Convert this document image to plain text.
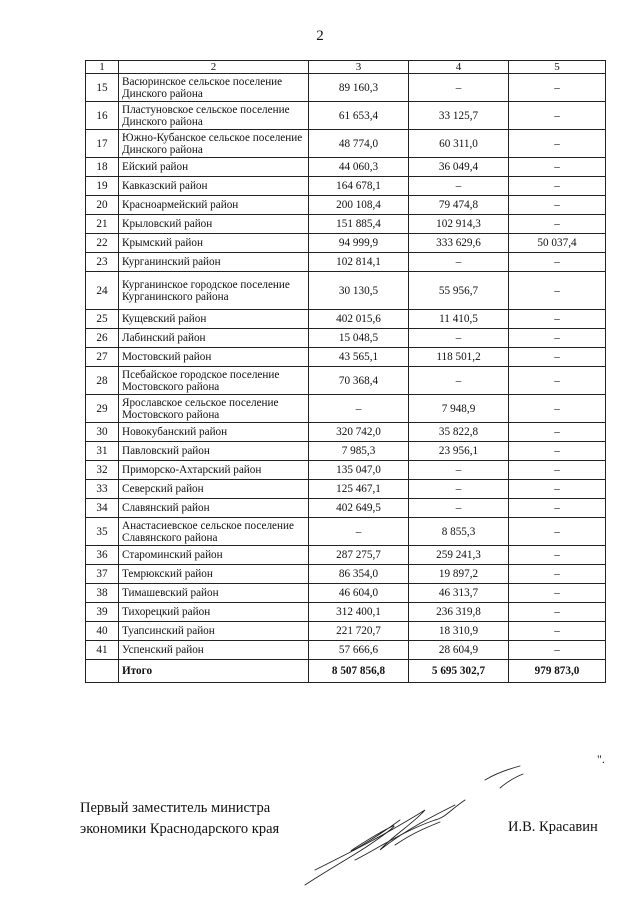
2
1	2	3	4	5
15	Васюринское сельское поселение Динского района	89 160,3	–	–
16	Пластуновское сельское поселение Динского района	61 653,4	33 125,7	–
17	Южно-Кубанское сельское поселение Динского района	48 774,0	60 311,0	–
18	Ейский район	44 060,3	36 049,4	–
19	Кавказский район	164 678,1	–	–
20	Красноармейский район	200 108,4	79 474,8	–
21	Крыловский район	151 885,4	102 914,3	–
22	Крымский район	94 999,9	333 629,6	50 037,4
23	Курганинский район	102 814,1	–	–
24	Курганинское городское поселение Курганинского района	30 130,5	55 956,7	–
25	Кущевский район	402 015,6	11 410,5	–
26	Лабинский район	15 048,5	–	–
27	Мостовский район	43 565,1	118 501,2	–
28	Псебайское городское поселение Мостовского района	70 368,4	–	–
29	Ярославское сельское поселение Мостовского района	–	7 948,9	–
30	Новокубанский район	320 742,0	35 822,8	–
31	Павловский район	7 985,3	23 956,1	–
32	Приморско-Ахтарский район	135 047,0	–	–
33	Северский район	125 467,1	–	–
34	Славянский район	402 649,5	–	–
35	Анастасиевское сельское поселение Славянского района	–	8 855,3	–
36	Староминский район	287 275,7	259 241,3	–
37	Темрюкский район	86 354,0	19 897,2	–
38	Тимашевский район	46 604,0	46 313,7	–
39	Тихорецкий район	312 400,1	236 319,8	–
40	Туапсинский район	221 720,7	18 310,9	–
41	Успенский район	57 666,6	28 604,9	–
	Итого	8 507 856,8	5 695 302,7	979 873,0
".
Первый заместитель министра
экономики Краснодарского края	И.В. Красавин
